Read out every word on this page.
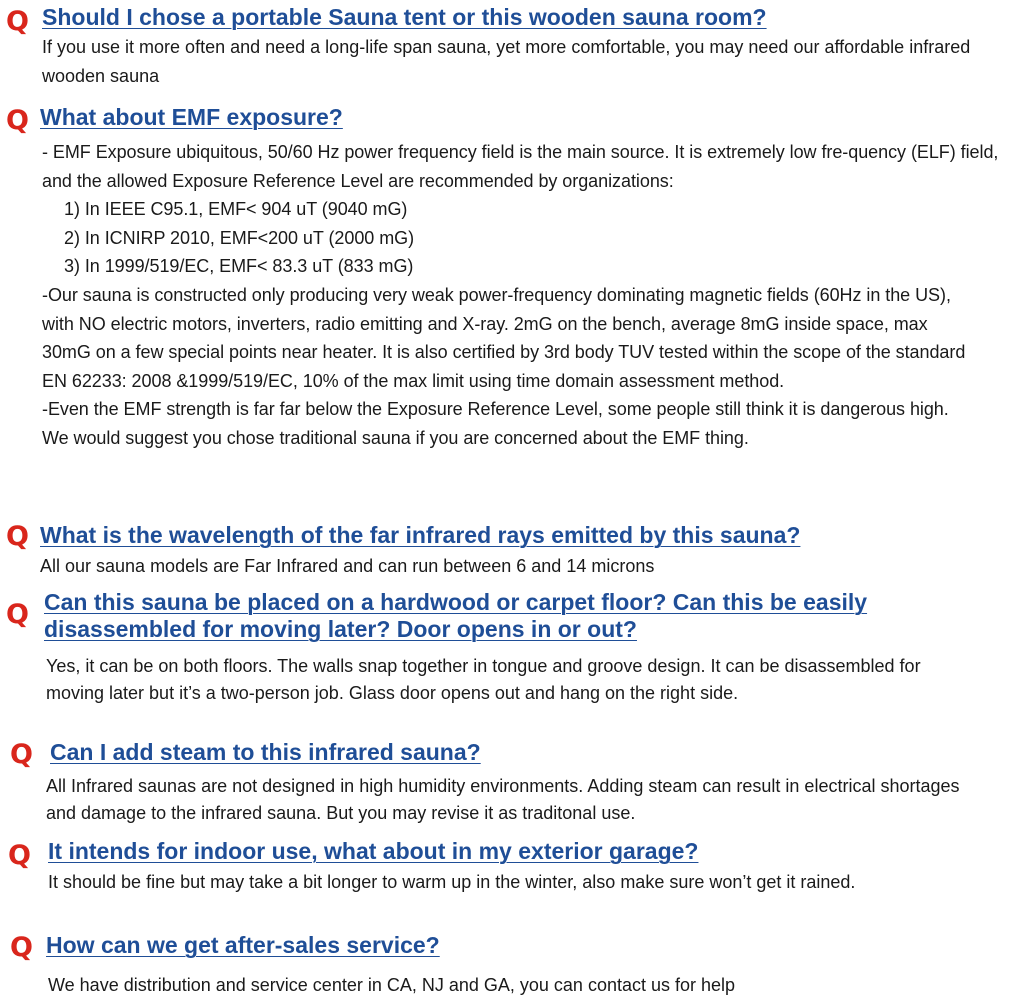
Q Should I chose a portable Sauna tent or this wooden sauna room?

If you use it more often and need a long-life span sauna, yet more comfortable, you may need our affordable infrared wooden sauna

Q What about EMF exposure?

- EMF Exposure ubiquitous, 50/60 Hz power frequency field is the main source. It is extremely low fre-quency (ELF) field, and the allowed Exposure Reference Level are recommended by organizations:

1) In IEEE C95.1, EMF< 904 uT (9040 mG)

2) In ICNIRP 2010, EMF<200 uT (2000 mG)

3) In 1999/519/EC, EMF< 83.3 uT (833 mG)

-Our sauna is constructed only producing very weak power-frequency dominating magnetic fields (60Hz in the US), with NO electric motors, inverters, radio emitting and X-ray. 2mG on the bench, average 8mG inside space, max 30mG on a few special points near heater. It is also certified by 3rd body TUV tested within the scope of the standard EN 62233: 2008 &1999/519/EC, 10% of the max limit using time domain assessment method.

-Even the EMF strength is far far below the Exposure Reference Level, some people still think it is dangerous high. We would suggest you chose traditional sauna if you are concerned about the EMF thing.

Q What is the wavelength of the far infrared rays emitted by this sauna?

All our sauna models are Far Infrared and can run between 6 and 14 microns

Q Can this sauna be placed on a hardwood or carpet floor? Can this be easily disassembled for moving later? Door opens in or out?

Yes, it can be on both floors. The walls snap together in tongue and groove design. It can be disassembled for moving later but it’s a two-person job. Glass door opens out and hang on the right side.

Q Can I add steam to this infrared sauna?

All Infrared saunas are not designed in high humidity environments. Adding steam can result in electrical shortages and damage to the infrared sauna. But you may revise it as traditonal use.

Q It intends for indoor use, what about in my exterior garage?

It should be fine but may take a bit longer to warm up in the winter, also make sure won’t get it rained.

Q How can we get after-sales service?

We have distribution and service center in CA, NJ and GA, you can contact us for help
